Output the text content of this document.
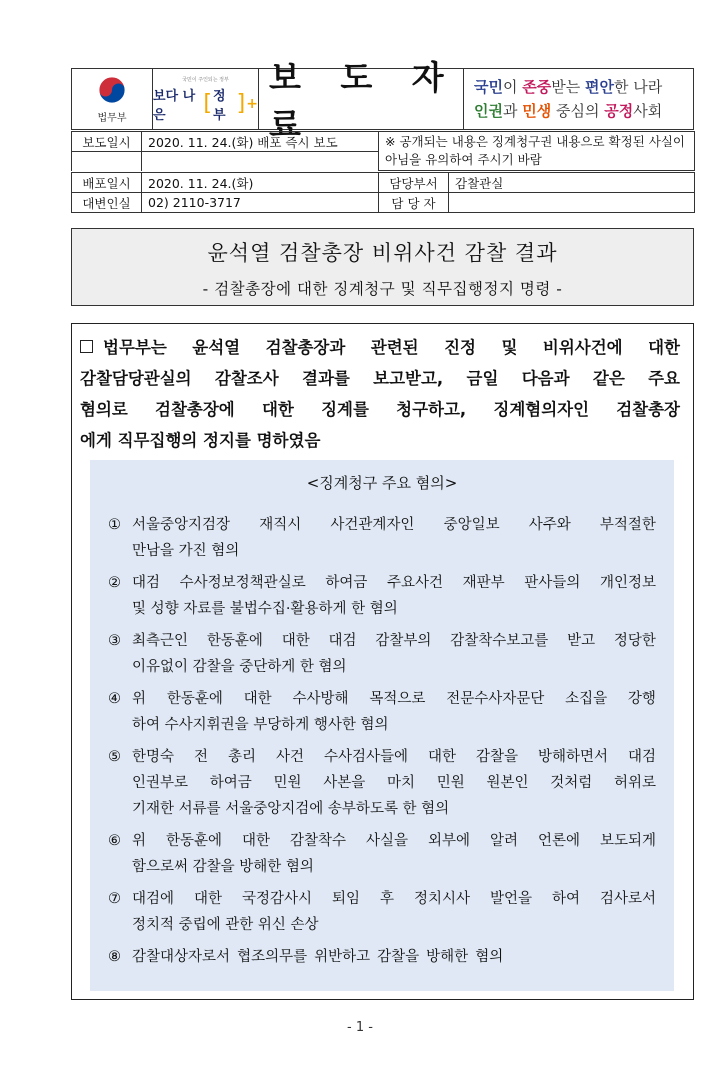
법무부
국민이 주인되는 정부
보다 나은	[ 정부 ] +
보 도 자 료
국민이 존중받는 편안한 나라
인권과 민생 중심의 공정사회
보도일시	2020. 11. 24.(화) 배포 즉시 보도	※ 공개되는 내용은 징계청구권 내용으로 확정된 사실이 아님을 유의하여 주시기 바람

배포일시	2020. 11. 24.(화)	담당부서	감찰관실
대변인실	02) 2110-3717	담 당 자	
윤석열 검찰총장 비위사건 감찰 결과
- 검찰총장에 대한 징계청구 및 직무집행정지 명령 -
법무부는 윤석열 검찰총장과 관련된 진정 및 비위사건에 대한
감찰담당관실의 감찰조사 결과를 보고받고, 금일 다음과 같은 주요
혐의로 검찰총장에 대한 징계를 청구하고, 징계혐의자인 검찰총장
에게 직무집행의 정지를 명하였음
<징계청구 주요 혐의>
① 서울중앙지검장 재직시 사건관계자인 중앙일보 사주와 부적절한
만남을 가진 혐의
② 대검 수사정보정책관실로 하여금 주요사건 재판부 판사들의 개인정보
및 성향 자료를 불법수집·활용하게 한 혐의
③ 최측근인 한동훈에 대한 대검 감찰부의 감찰착수보고를 받고 정당한
이유없이 감찰을 중단하게 한 혐의
④ 위 한동훈에 대한 수사방해 목적으로 전문수사자문단 소집을 강행
하여 수사지휘권을 부당하게 행사한 혐의
⑤ 한명숙 전 총리 사건 수사검사들에 대한 감찰을 방해하면서 대검
인권부로 하여금 민원 사본을 마치 민원 원본인 것처럼 허위로
기재한 서류를 서울중앙지검에 송부하도록 한 혐의
⑥ 위 한동훈에 대한 감찰착수 사실을 외부에 알려 언론에 보도되게
함으로써 감찰을 방해한 혐의
⑦ 대검에 대한 국정감사시 퇴임 후 정치시사 발언을 하여 검사로서
정치적 중립에 관한 위신 손상
⑧ 감찰대상자로서 협조의무를 위반하고 감찰을 방해한 혐의
- 1 -
